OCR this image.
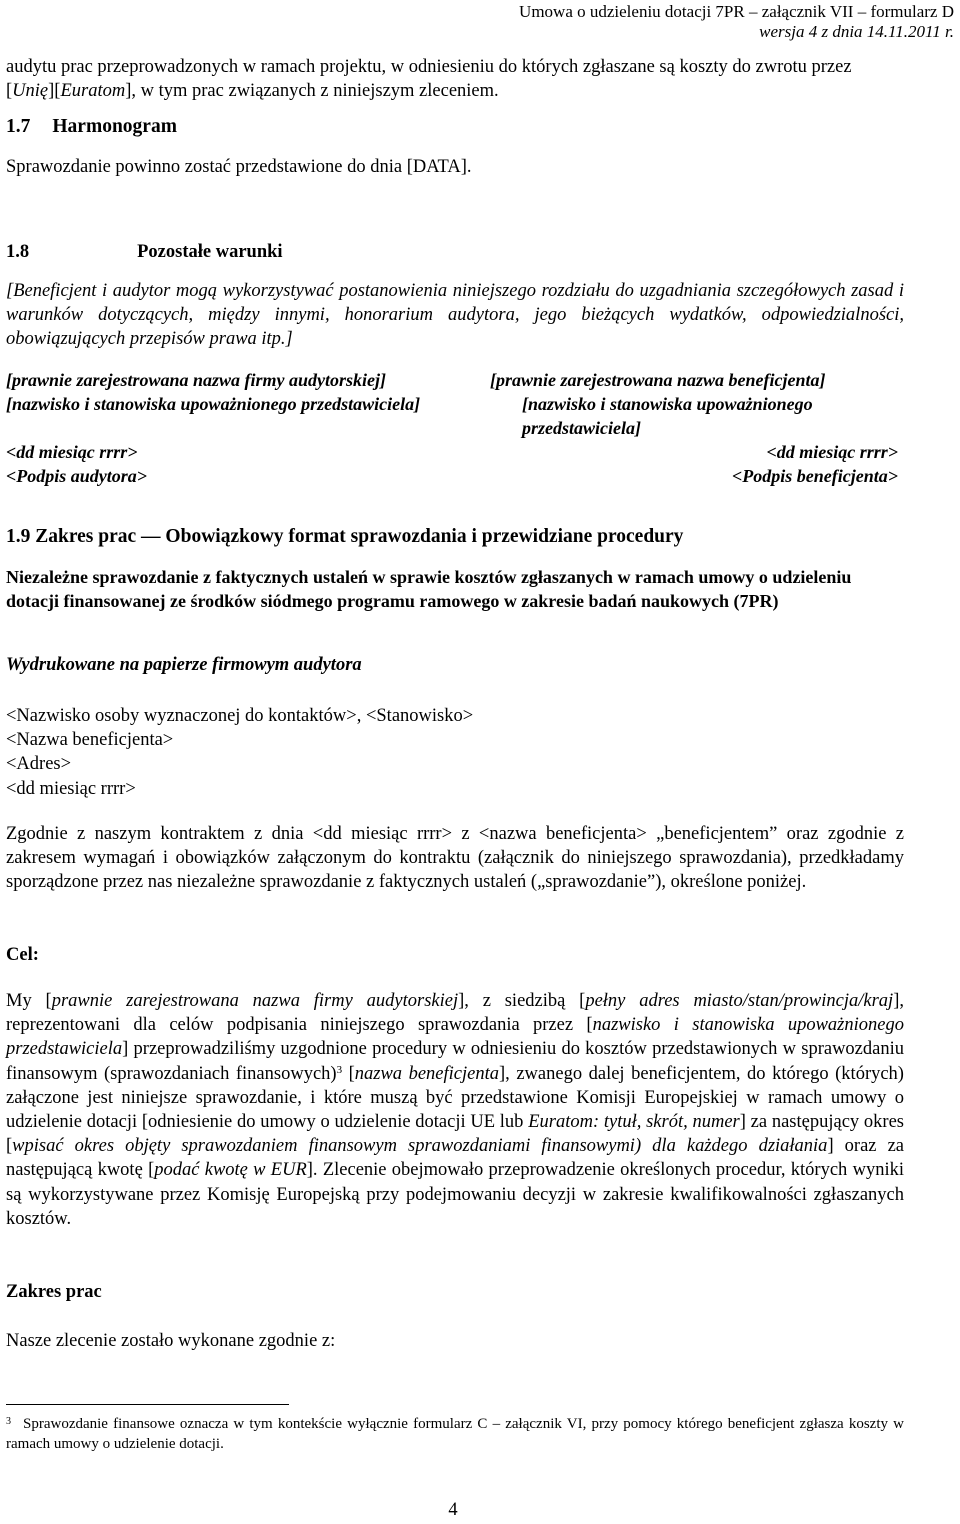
Umowa o udzieleniu dotacji 7PR – załącznik VII – formularz D
wersja 4 z dnia 14.11.2011 r.
audytu prac przeprowadzonych w ramach projektu, w odniesieniu do których zgłaszane są koszty do zwrotu przez [Unię][Euratom], w tym prac związanych z niniejszym zleceniem.
1.7 Harmonogram
Sprawozdanie powinno zostać przedstawione do dnia [DATA].
1.8	Pozostałe warunki
[Beneficjent i audytor mogą wykorzystywać postanowienia niniejszego rozdziału do uzgadniania szczegółowych zasad i warunków dotyczących, między innymi, honorarium audytora, jego bieżących wydatków, odpowiedzialności, obowiązujących przepisów prawa itp.]
[prawnie zarejestrowana nazwa firmy audytorskiej]
[nazwisko i stanowiska upoważnionego przedstawiciela]
<dd miesiąc rrrr>
<Podpis audytora>
[prawnie zarejestrowana nazwa beneficjenta]
[nazwisko i stanowiska upoważnionego
przedstawiciela]
<dd miesiąc rrrr>
<Podpis beneficjenta>
1.9 Zakres prac — Obowiązkowy format sprawozdania i przewidziane procedury
Niezależne sprawozdanie z faktycznych ustaleń w sprawie kosztów zgłaszanych w ramach umowy o udzieleniu dotacji finansowanej ze środków siódmego programu ramowego w zakresie badań naukowych (7PR)
Wydrukowane na papierze firmowym audytora
<Nazwisko osoby wyznaczonej do kontaktów>, <Stanowisko>
<Nazwa beneficjenta>
<Adres>
<dd miesiąc rrrr>
Zgodnie z naszym kontraktem z dnia <dd miesiąc rrrr> z <nazwa beneficjenta> „beneficjentem” oraz zgodnie z zakresem wymagań i obowiązków załączonym do kontraktu (załącznik do niniejszego sprawozdania), przedkładamy sporządzone przez nas niezależne sprawozdanie z faktycznych ustaleń („sprawozdanie”), określone poniżej.
Cel:
My [prawnie zarejestrowana nazwa firmy audytorskiej], z siedzibą [pełny adres miasto/stan/prowincja/kraj], reprezentowani dla celów podpisania niniejszego sprawozdania przez [nazwisko i stanowiska upoważnionego przedstawiciela] przeprowadziliśmy uzgodnione procedury w odniesieniu do kosztów przedstawionych w sprawozdaniu finansowym (sprawozdaniach finansowych)$^3$ [nazwa beneficjenta], zwanego dalej beneficjentem, do którego (których) załączone jest niniejsze sprawozdanie, i które muszą być przedstawione Komisji Europejskiej w ramach umowy o udzielenie dotacji [odniesienie do umowy o udzielenie dotacji UE lub Euratom: tytuł, skrót, numer] za następujący okres [wpisać okres objęty sprawozdaniem finansowym sprawozdaniami finansowymi) dla każdego działania] oraz za następującą kwotę [podać kwotę w EUR]. Zlecenie obejmowało przeprowadzenie określonych procedur, których wyniki są wykorzystywane przez Komisję Europejską przy podejmowaniu decyzji w zakresie kwalifikowalności zgłaszanych kosztów.
Zakres prac
Nasze zlecenie zostało wykonane zgodnie z:
$^3$ Sprawozdanie finansowe oznacza w tym kontekście wyłącznie formularz C – załącznik VI, przy pomocy którego beneficjent zgłasza koszty w ramach umowy o udzielenie dotacji.
4
